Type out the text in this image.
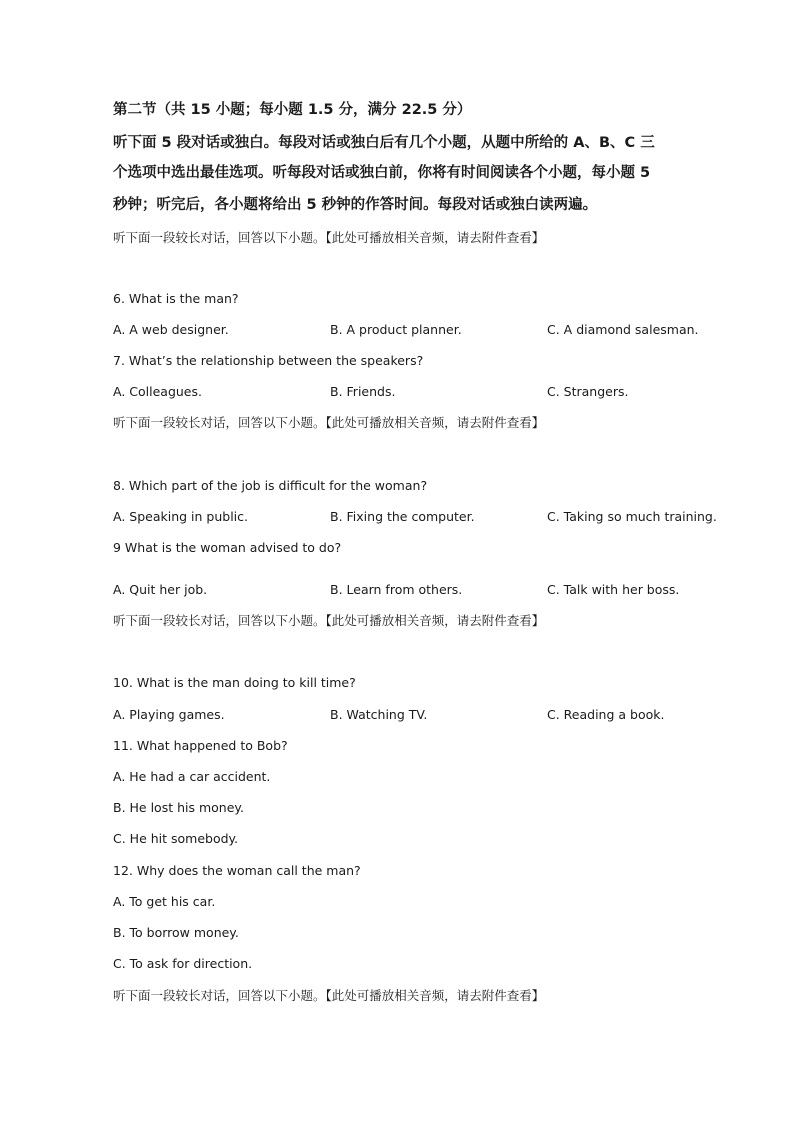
第二节（共 15 小题；每小题 1.5 分，满分 22.5 分）
听下面 5 段对话或独白。每段对话或独白后有几个小题，从题中所给的 A、B、C 三
个选项中选出最佳选项。听每段对话或独白前，你将有时间阅读各个小题，每小题 5
秒钟；听完后，各小题将给出 5 秒钟的作答时间。每段对话或独白读两遍。
听下面一段较长对话，回答以下小题。【此处可播放相关音频，请去附件查看】
6. What is the man?
A. A web designer.	B. A product planner.	C. A diamond salesman.
7. What’s the relationship between the speakers?
A. Colleagues.	B. Friends.	C. Strangers.
听下面一段较长对话，回答以下小题。【此处可播放相关音频，请去附件查看】
8. Which part of the job is difficult for the woman?
A. Speaking in public.	B. Fixing the computer.	C. Taking so much training.
9 What is the woman advised to do?
A. Quit her job.	B. Learn from others.	C. Talk with her boss.
听下面一段较长对话，回答以下小题。【此处可播放相关音频，请去附件查看】
10. What is the man doing to kill time?
A. Playing games.	B. Watching TV.	C. Reading a book.
11. What happened to Bob?
A. He had a car accident.
B. He lost his money.
C. He hit somebody.
12. Why does the woman call the man?
A. To get his car.
B. To borrow money.
C. To ask for direction.
听下面一段较长对话，回答以下小题。【此处可播放相关音频，请去附件查看】
